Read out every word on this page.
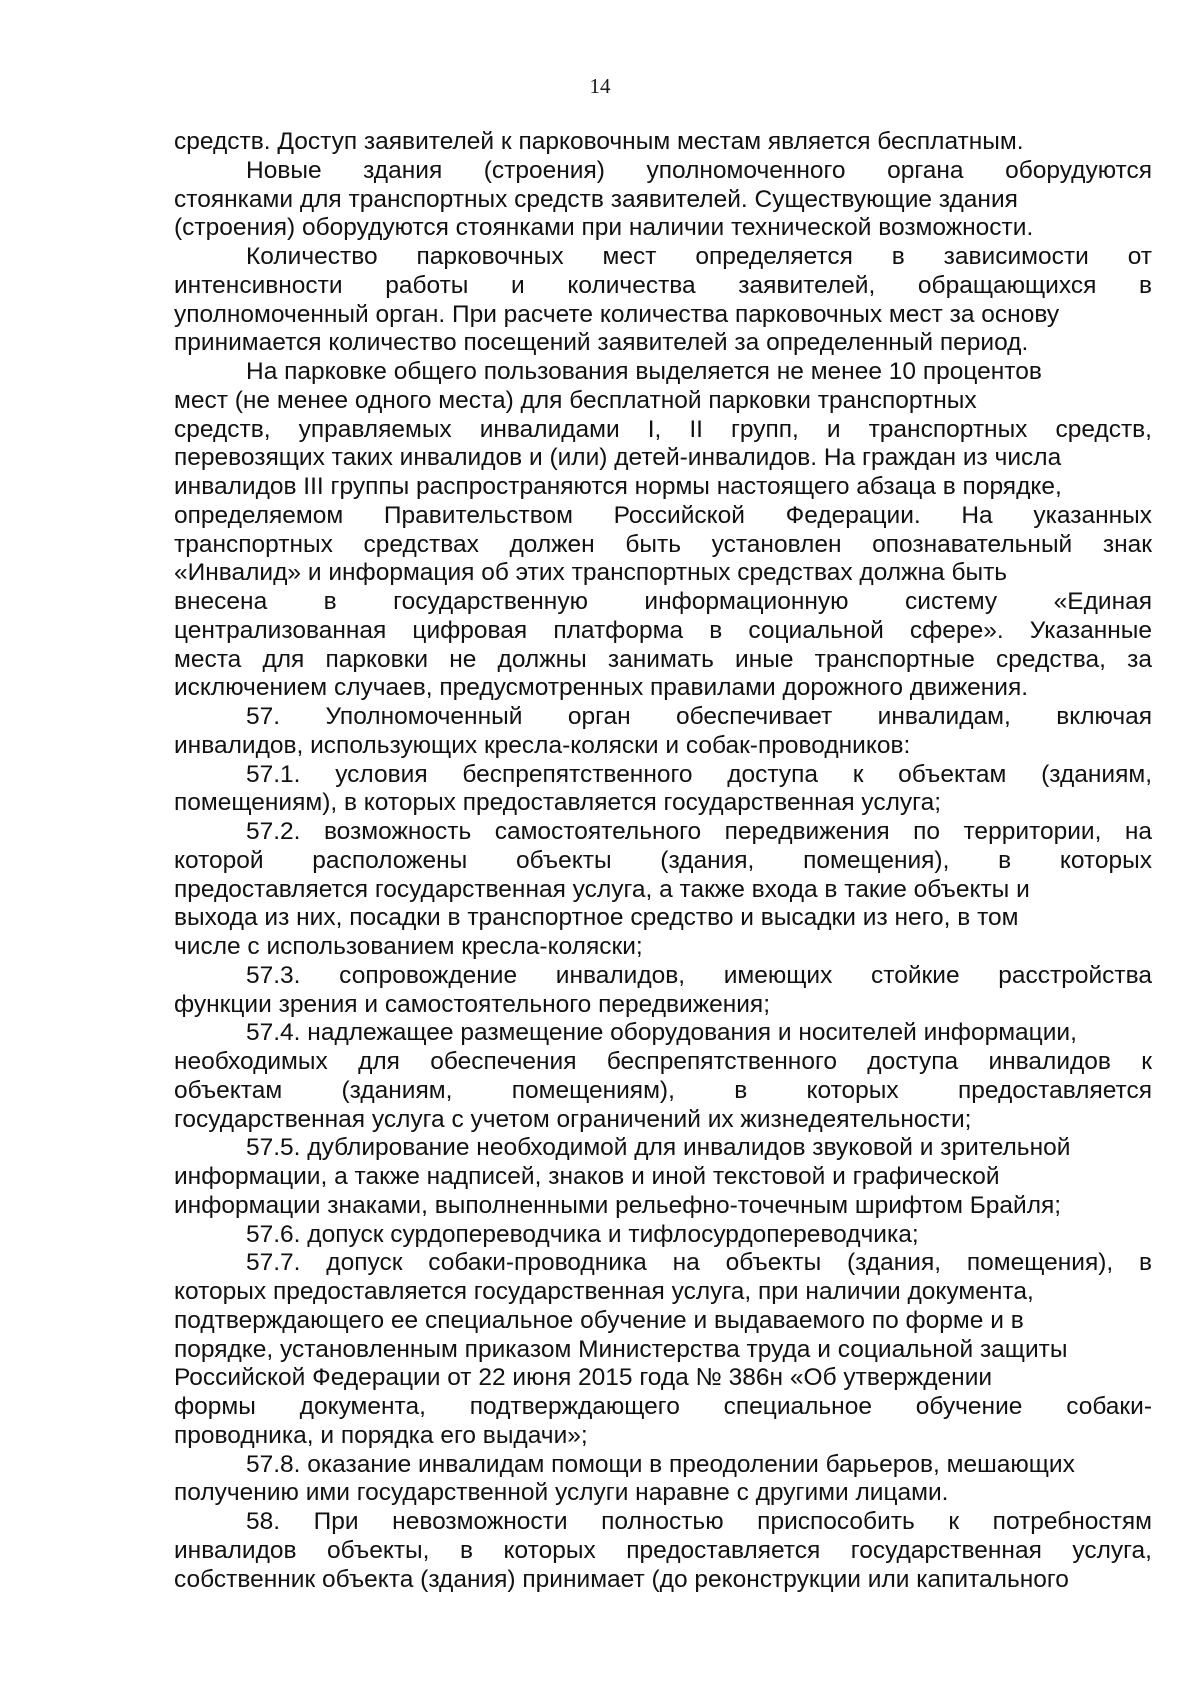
14
средств. Доступ заявителей к парковочным местам является бесплатным.
Новые здания (строения) уполномоченного органа оборудуются
стоянками для транспортных средств заявителей. Существующие здания
(строения) оборудуются стоянками при наличии технической возможности.
Количество парковочных мест определяется в зависимости от
интенсивности работы и количества заявителей, обращающихся в
уполномоченный орган. При расчете количества парковочных мест за основу
принимается количество посещений заявителей за определенный период.
На парковке общего пользования выделяется не менее 10 процентов
мест (не менее одного места) для бесплатной парковки транспортных
средств, управляемых инвалидами I, II групп, и транспортных средств,
перевозящих таких инвалидов и (или) детей-инвалидов. На граждан из числа
инвалидов III группы распространяются нормы настоящего абзаца в порядке,
определяемом Правительством Российской Федерации. На указанных
транспортных средствах должен быть установлен опознавательный знак
«Инвалид» и информация об этих транспортных средствах должна быть
внесена в государственную информационную систему «Единая
централизованная цифровая платформа в социальной сфере». Указанные
места для парковки не должны занимать иные транспортные средства, за
исключением случаев, предусмотренных правилами дорожного движения.
57. Уполномоченный орган обеспечивает инвалидам, включая
инвалидов, использующих кресла-коляски и собак-проводников:
57.1. условия беспрепятственного доступа к объектам (зданиям,
помещениям), в которых предоставляется государственная услуга;
57.2. возможность самостоятельного передвижения по территории, на
которой расположены объекты (здания, помещения), в которых
предоставляется государственная услуга, а также входа в такие объекты и
выхода из них, посадки в транспортное средство и высадки из него, в том
числе с использованием кресла-коляски;
57.3. сопровождение инвалидов, имеющих стойкие расстройства
функции зрения и самостоятельного передвижения;
57.4. надлежащее размещение оборудования и носителей информации,
необходимых для обеспечения беспрепятственного доступа инвалидов к
объектам (зданиям, помещениям), в которых предоставляется
государственная услуга с учетом ограничений их жизнедеятельности;
57.5. дублирование необходимой для инвалидов звуковой и зрительной
информации, а также надписей, знаков и иной текстовой и графической
информации знаками, выполненными рельефно-точечным шрифтом Брайля;
57.6. допуск сурдопереводчика и тифлосурдопереводчика;
57.7. допуск собаки-проводника на объекты (здания, помещения), в
которых предоставляется государственная услуга, при наличии документа,
подтверждающего ее специальное обучение и выдаваемого по форме и в
порядке, установленным приказом Министерства труда и социальной защиты
Российской Федерации от 22 июня 2015 года № 386н «Об утверждении
формы документа, подтверждающего специальное обучение собаки-
проводника, и порядка его выдачи»;
57.8. оказание инвалидам помощи в преодолении барьеров, мешающих
получению ими государственной услуги наравне с другими лицами.
58. При невозможности полностью приспособить к потребностям
инвалидов объекты, в которых предоставляется государственная услуга,
собственник объекта (здания) принимает (до реконструкции или капитального
